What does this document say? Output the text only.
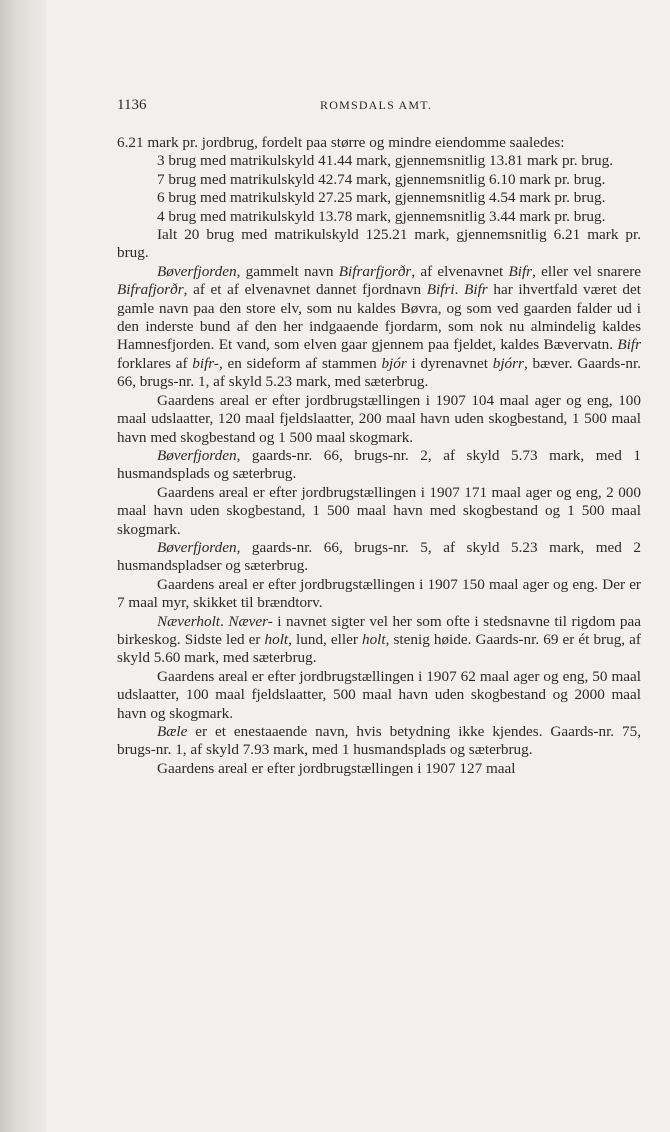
1136	ROMSDALS AMT.

6.21 mark pr. jordbrug, fordelt paa større og mindre eiendomme saaledes:

3 brug med matrikulskyld 41.44 mark, gjennemsnitlig 13.81 mark pr. brug.

7 brug med matrikulskyld 42.74 mark, gjennemsnitlig 6.10 mark pr. brug.

6 brug med matrikulskyld 27.25 mark, gjennemsnitlig 4.54 mark pr. brug.

4 brug med matrikulskyld 13.78 mark, gjennemsnitlig 3.44 mark pr. brug.

Ialt 20 brug med matrikulskyld 125.21 mark, gjennemsnitlig 6.21 mark pr. brug.

Bøverfjorden, gammelt navn Bifrarfjorðr, af elvenavnet Bifr, eller vel snarere Bifrafjorðr, af et af elvenavnet dannet fjordnavn Bifri. Bifr har ihvertfald været det gamle navn paa den store elv, som nu kaldes Bøvra, og som ved gaarden falder ud i den inderste bund af den her indgaaende fjordarm, som nok nu almindelig kaldes Hamnesfjorden. Et vand, som elven gaar gjennem paa fjeldet, kaldes Bævervatn. Bifr forklares af bifr-, en sideform af stammen bjór i dyrenavnet bjórr, bæver. Gaards-nr. 66, brugs-nr. 1, af skyld 5.23 mark, med sæterbrug.

Gaardens areal er efter jordbrugstællingen i 1907 104 maal ager og eng, 100 maal udslaatter, 120 maal fjeldslaatter, 200 maal havn uden skogbestand, 1 500 maal havn med skogbestand og 1 500 maal skogmark.

Bøverfjorden, gaards-nr. 66, brugs-nr. 2, af skyld 5.73 mark, med 1 husmandsplads og sæterbrug.

Gaardens areal er efter jordbrugstællingen i 1907 171 maal ager og eng, 2 000 maal havn uden skogbestand, 1 500 maal havn med skogbestand og 1 500 maal skogmark.

Bøverfjorden, gaards-nr. 66, brugs-nr. 5, af skyld 5.23 mark, med 2 husmandspladser og sæterbrug.

Gaardens areal er efter jordbrugstællingen i 1907 150 maal ager og eng. Der er 7 maal myr, skikket til brændtorv.

Næverholt. Næver- i navnet sigter vel her som ofte i stedsnavne til rigdom paa birkeskog. Sidste led er holt, lund, eller holt, stenig høide. Gaards-nr. 69 er ét brug, af skyld 5.60 mark, med sæterbrug.

Gaardens areal er efter jordbrugstællingen i 1907 62 maal ager og eng, 50 maal udslaatter, 100 maal fjeldslaatter, 500 maal havn uden skogbestand og 2000 maal havn og skogmark.

Bæle er et enestaaende navn, hvis betydning ikke kjendes. Gaards-nr. 75, brugs-nr. 1, af skyld 7.93 mark, med 1 husmandsplads og sæterbrug.

Gaardens areal er efter jordbrugstællingen i 1907 127 maal
